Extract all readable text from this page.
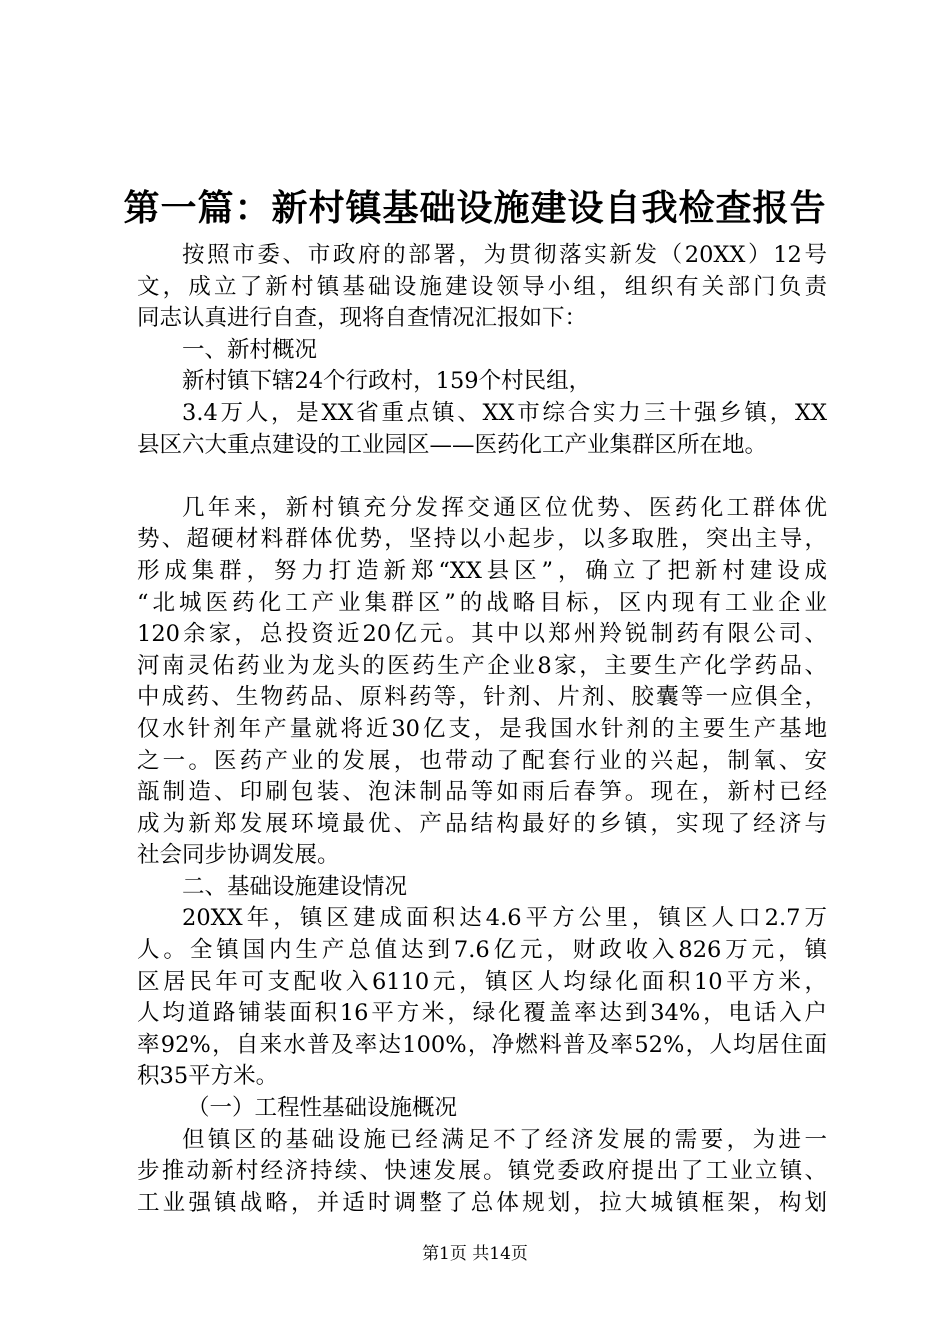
第一篇：新村镇基础设施建设自我检查报告
按照市委、市政府的部署，为贯彻落实新发（20XX）12号
文，成立了新村镇基础设施建设领导小组，组织有关部门负责
同志认真进行自查，现将自查情况汇报如下：
一、新村概况
新村镇下辖24个行政村，159个村民组，
3.4万人，是XX省重点镇、XX市综合实力三十强乡镇，XX
县区六大重点建设的工业园区——医药化工产业集群区所在地。
几年来，新村镇充分发挥交通区位优势、医药化工群体优
势、超硬材料群体优势，坚持以小起步，以多取胜，突出主导，
形成集群，努力打造新郑“XX县区”，确立了把新村建设成
“北城医药化工产业集群区”的战略目标，区内现有工业企业
120余家，总投资近20亿元。其中以郑州羚锐制药有限公司、
河南灵佑药业为龙头的医药生产企业8家，主要生产化学药品、
中成药、生物药品、原料药等，针剂、片剂、胶囊等一应俱全，
仅水针剂年产量就将近30亿支，是我国水针剂的主要生产基地
之一。医药产业的发展，也带动了配套行业的兴起，制氧、安
瓿制造、印刷包装、泡沫制品等如雨后春笋。现在，新村已经
成为新郑发展环境最优、产品结构最好的乡镇，实现了经济与
社会同步协调发展。
二、基础设施建设情况
20XX年，镇区建成面积达4.6平方公里，镇区人口2.7万
人。全镇国内生产总值达到7.6亿元，财政收入826万元，镇
区居民年可支配收入6110元，镇区人均绿化面积10平方米，
人均道路铺装面积16平方米，绿化覆盖率达到34%，电话入户
率92%，自来水普及率达100%，净燃料普及率52%，人均居住面
积35平方米。
（一）工程性基础设施概况
但镇区的基础设施已经满足不了经济发展的需要，为进一
步推动新村经济持续、快速发展。镇党委政府提出了工业立镇、
工业强镇战略，并适时调整了总体规划，拉大城镇框架，构划
第1页 共14页
